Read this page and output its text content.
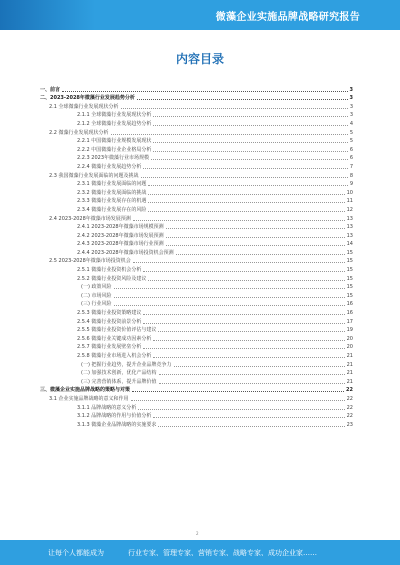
微藻企业实施品牌战略研究报告
内容目录
一、前言	3
二、2023-2028年微藻行业发展趋势分析	3
2.1 全球微藻行业发展现状分析	3
2.1.1 全球微藻行业发展现状分析	3
2.1.2 全球微藻行业发展趋势分析	4
2.2 微藻行业发展现状分析	5
2.2.1 中国微藻行业规模发展现状	5
2.2.2 中国微藻行业企业格局分析	6
2.2.3 2023年微藻行业市场规模	6
2.2.4 微藻行业发展趋势分析	7
2.3 我国微藻行业发展面临的问题及挑战	8
2.3.1 微藻行业发展面临的问题	9
2.3.2 微藻行业发展面临的挑战	10
2.3.3 微藻行业发展存在的机遇	11
2.3.4 微藻行业发展存在的风险	12
2.4 2023-2028年微藻市场发展预测	13
2.4.1 2023-2028年微藻市场规模预测	13
2.4.2 2023-2028年微藻市场发展预测	13
2.4.3 2023-2028年微藻市场行业预测	14
2.4.4 2023-2028年微藻市场投资机会预测	15
2.5 2023-2028年微藻市场投资机会	15
2.5.1 微藻行业投资机会分析	15
2.5.2 微藻行业投资风险及建议	15
(一) 政策风险	15
(二) 市场风险	15
(三) 行业风险	16
2.5.3 微藻行业投资策略建议	16
2.5.4 微藻行业投资前景分析	17
2.5.5 微藻行业投资价值评估与建议	19
2.5.6 微藻行业关键成功因素分析	20
2.5.7 微藻行业发展壁垒分析	20
2.5.8 微藻行业市场进入机会分析	21
(一) 把握行业趋势，提升企业品牌竞争力	21
(二) 加强技术创新，优化产品结构	21
(三) 完善营销体系，提升品牌价值	21
三、微藻企业实施品牌战略的策略与对策	22
3.1 企业实施品牌战略的意义和作用	22
3.1.1 品牌战略的意义分析	22
3.1.2 品牌战略的作用与价值分析	22
3.1.3 微藻企业品牌战略的实施要求	23
2
让每个人都能成为	行业专家、管理专家、营销专家、战略专家、成功企业家……
